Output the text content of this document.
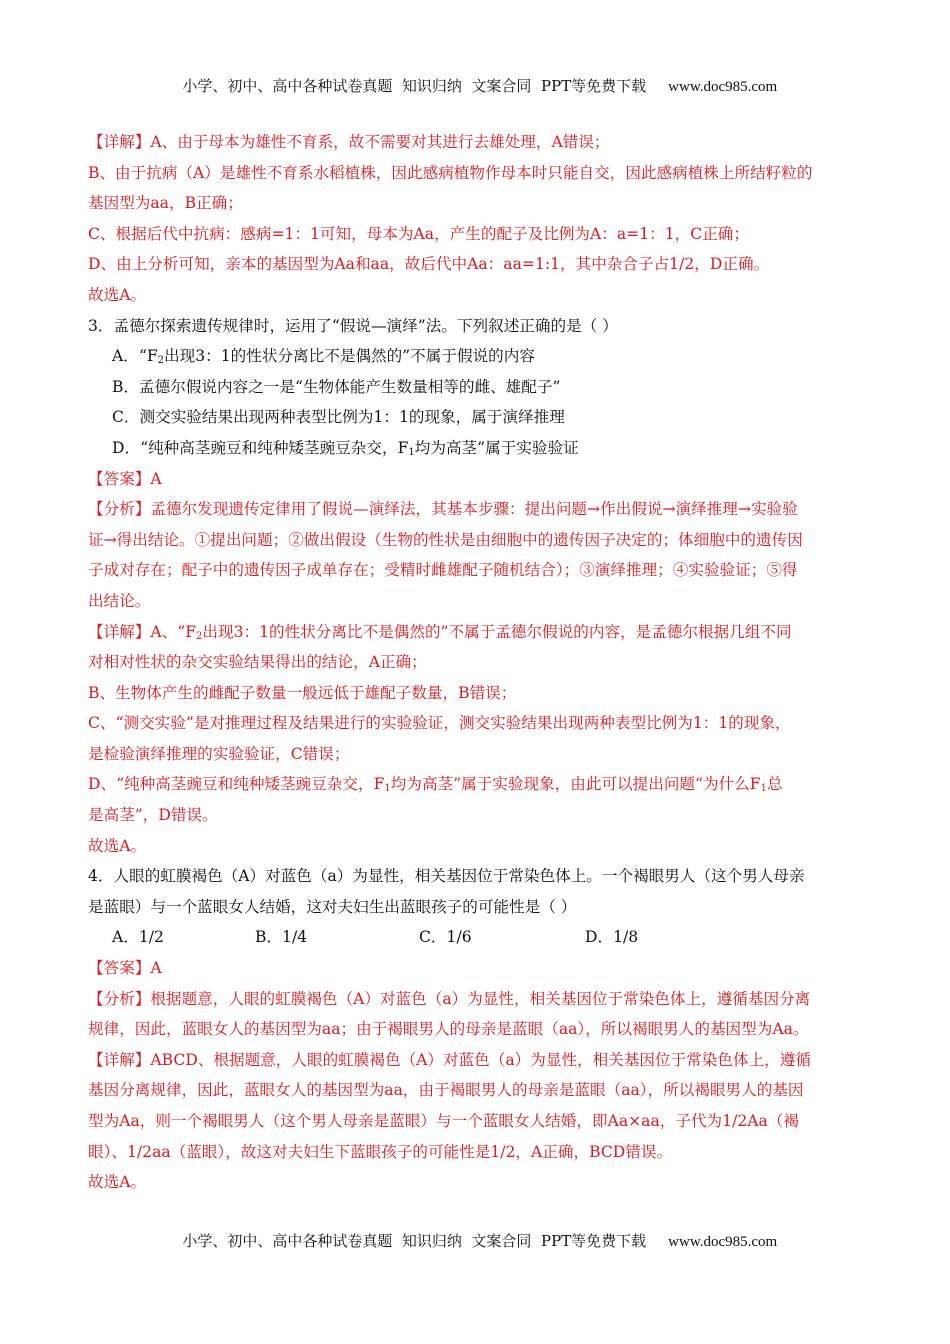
小学、初中、高中各种试卷真题  知识归纳  文案合同  PPT等免费下载 www.doc985.com

【详解】A、由于母本为雄性不育系，故不需要对其进行去雄处理，A错误；
B、由于抗病（A）是雄性不育系水稻植株，因此感病植物作母本时只能自交，因此感病植株上所结籽粒的
基因型为aa，B正确；
C、根据后代中抗病：感病=1：1可知，母本为Aa，产生的配子及比例为A：a=1：1，C正确；
D、由上分析可知，亲本的基因型为Aa和aa，故后代中Aa：aa=1:1，其中杂合子占1/2，D正确。
故选A。
3．孟德尔探索遗传规律时，运用了“假说—演绎”法。下列叙述正确的是（ ）
A．“$F_2$出现3：1的性状分离比不是偶然的”不属于假说的内容
B．孟德尔假说内容之一是“生物体能产生数量相等的雌、雄配子”
C．测交实验结果出现两种表型比例为1：1的现象，属于演绎推理
D．“纯种高茎豌豆和纯种矮茎豌豆杂交，$F_1$均为高茎”属于实验验证
【答案】A
【分析】孟德尔发现遗传定律用了假说—演绎法，其基本步骤：提出问题→作出假说→演绎推理→实验验
证→得出结论。①提出问题；②做出假设（生物的性状是由细胞中的遗传因子决定的；体细胞中的遗传因
子成对存在；配子中的遗传因子成单存在；受精时雌雄配子随机结合）；③演绎推理；④实验验证；⑤得
出结论。
【详解】A、“$F_2$出现3：1的性状分离比不是偶然的”不属于孟德尔假说的内容，是孟德尔根据几组不同
对相对性状的杂交实验结果得出的结论，A正确；
B、生物体产生的雌配子数量一般远低于雄配子数量，B错误；
C、“测交实验”是对推理过程及结果进行的实验验证，测交实验结果出现两种表型比例为1：1的现象，
是检验演绎推理的实验验证，C错误；
D、“纯种高茎豌豆和纯种矮茎豌豆杂交，$F_1$均为高茎”属于实验现象，由此可以提出问题“为什么$F_1$总
是高茎”，D错误。
故选A。
4．人眼的虹膜褐色（A）对蓝色（a）为显性，相关基因位于常染色体上。一个褐眼男人（这个男人母亲
是蓝眼）与一个蓝眼女人结婚，这对夫妇生出蓝眼孩子的可能性是（ ）
A．1/2	B．1/4	C．1/6	D．1/8
【答案】A
【分析】根据题意，人眼的虹膜褐色（A）对蓝色（a）为显性，相关基因位于常染色体上，遵循基因分离
规律，因此，蓝眼女人的基因型为aa；由于褐眼男人的母亲是蓝眼（aa），所以褐眼男人的基因型为Aa。
【详解】ABCD、根据题意，人眼的虹膜褐色（A）对蓝色（a）为显性，相关基因位于常染色体上，遵循
基因分离规律，因此，蓝眼女人的基因型为aa，由于褐眼男人的母亲是蓝眼（aa），所以褐眼男人的基因
型为Aa，则一个褐眼男人（这个男人母亲是蓝眼）与一个蓝眼女人结婚，即Aa×aa，子代为1/2Aa（褐
眼）、1/2aa（蓝眼），故这对夫妇生下蓝眼孩子的可能性是1/2，A正确，BCD错误。
故选A。

小学、初中、高中各种试卷真题  知识归纳  文案合同  PPT等免费下载 www.doc985.com
